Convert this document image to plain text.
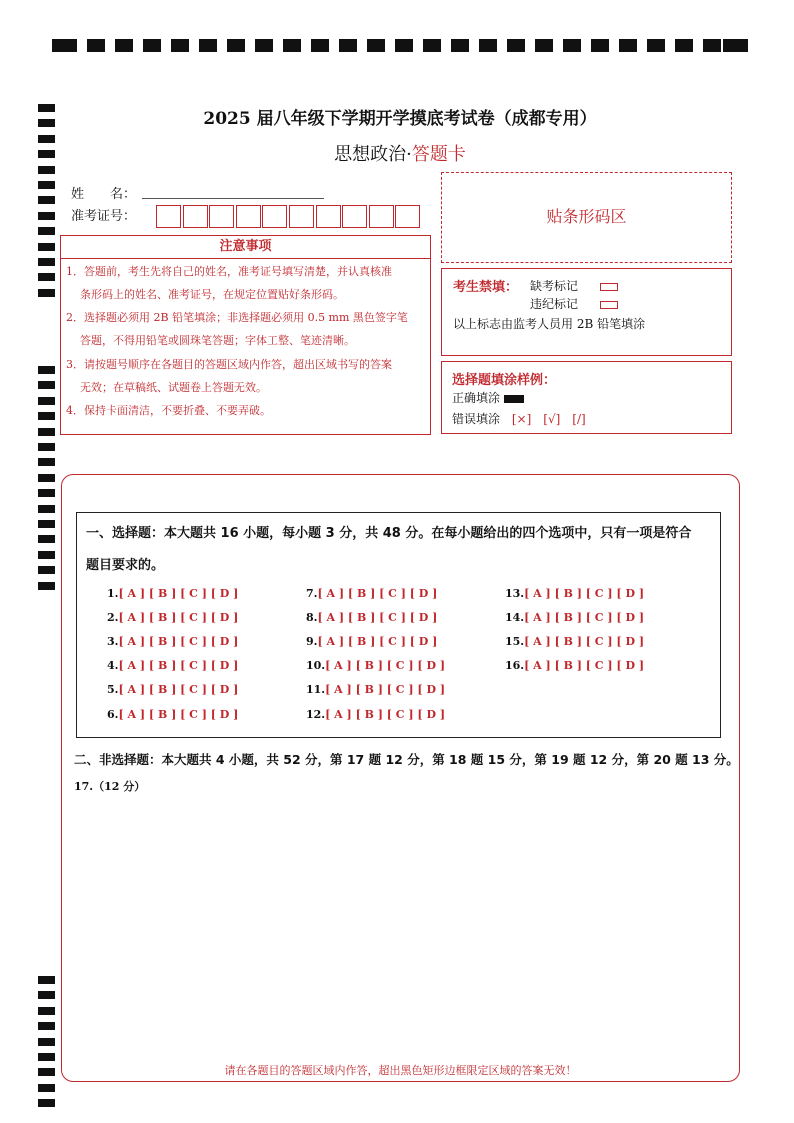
2025 届八年级下学期开学摸底考试卷（成都专用）
思想政治·答题卡
姓　　名：
准考证号：
注意事项
1．答题前，考生先将自己的姓名，准考证号填写清楚，并认真核准
条形码上的姓名、准考证号，在规定位置贴好条形码。
2．选择题必须用 2B 铅笔填涂；非选择题必须用 0.5 mm 黑色签字笔
答题，不得用铅笔或圆珠笔答题；字体工整、笔迹清晰。
3．请按题号顺序在各题目的答题区域内作答，超出区域书写的答案
无效；在草稿纸、试题卷上答题无效。
4．保持卡面清洁，不要折叠、不要弄破。
贴条形码区
考生禁填： 缺考标记
违纪标记
以上标志由监考人员用 2B 铅笔填涂
选择题填涂样例：
正确填涂
错误填涂 [×]　[√]　[/]
一、选择题：本大题共 16 小题，每小题 3 分，共 48 分。在每小题给出的四个选项中，只有一项是符合
题目要求的。
1.[ A ] [ B ] [ C ] [ D ]
2.[ A ] [ B ] [ C ] [ D ]
3.[ A ] [ B ] [ C ] [ D ]
4.[ A ] [ B ] [ C ] [ D ]
5.[ A ] [ B ] [ C ] [ D ]
6.[ A ] [ B ] [ C ] [ D ]
7.[ A ] [ B ] [ C ] [ D ]
8.[ A ] [ B ] [ C ] [ D ]
9.[ A ] [ B ] [ C ] [ D ]
10.[ A ] [ B ] [ C ] [ D ]
11.[ A ] [ B ] [ C ] [ D ]
12.[ A ] [ B ] [ C ] [ D ]
13.[ A ] [ B ] [ C ] [ D ]
14.[ A ] [ B ] [ C ] [ D ]
15.[ A ] [ B ] [ C ] [ D ]
16.[ A ] [ B ] [ C ] [ D ]
二、非选择题：本大题共 4 小题，共 52 分，第 17 题 12 分，第 18 题 15 分，第 19 题 12 分，第 20 题 13 分。
17.（12 分）
请在各题目的答题区域内作答，超出黑色矩形边框限定区域的答案无效！
